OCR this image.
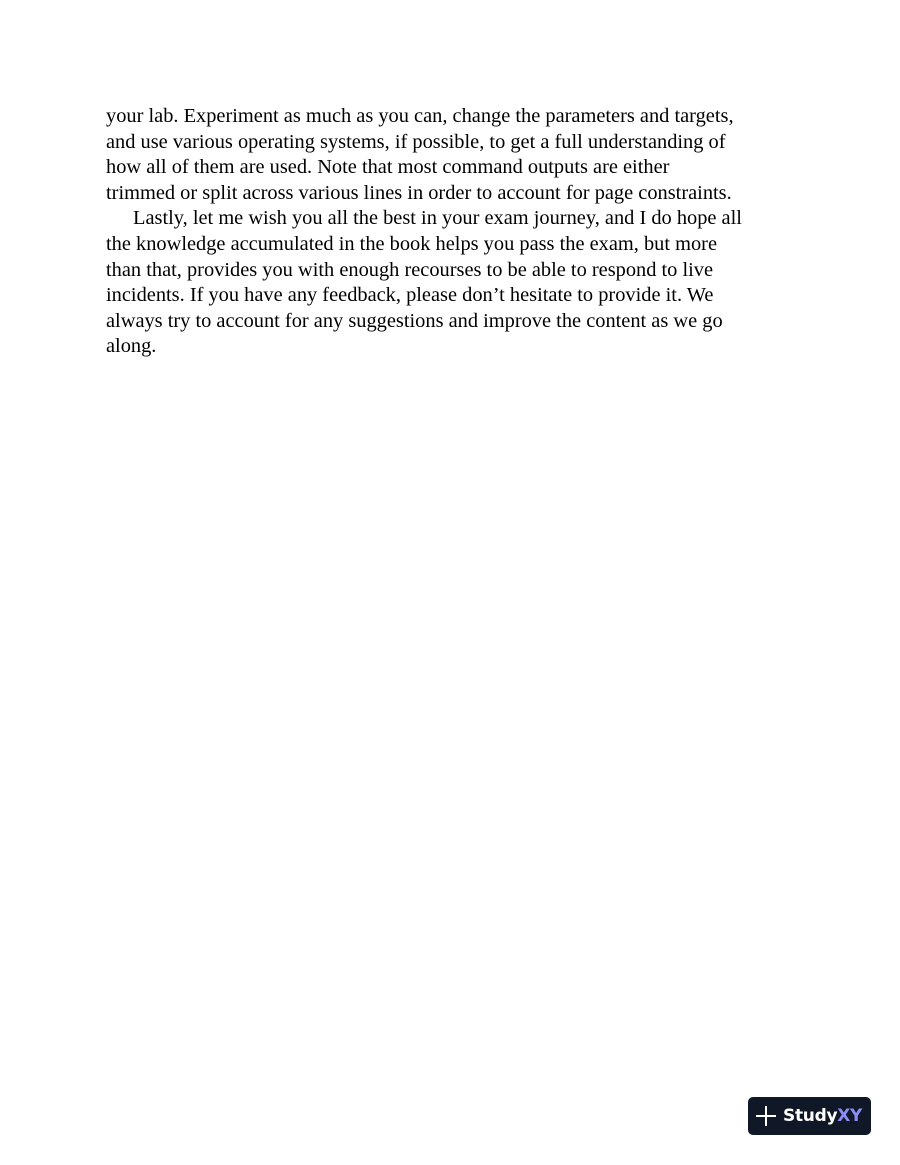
your lab. Experiment as much as you can, change the parameters and targets,
and use various operating systems, if possible, to get a full understanding of
how all of them are used. Note that most command outputs are either
trimmed or split across various lines in order to account for page constraints.

Lastly, let me wish you all the best in your exam journey, and I do hope all
the knowledge accumulated in the book helps you pass the exam, but more
than that, provides you with enough recourses to be able to respond to live
incidents. If you have any feedback, please don’t hesitate to provide it. We
always try to account for any suggestions and improve the content as we go
along.

StudyXY
